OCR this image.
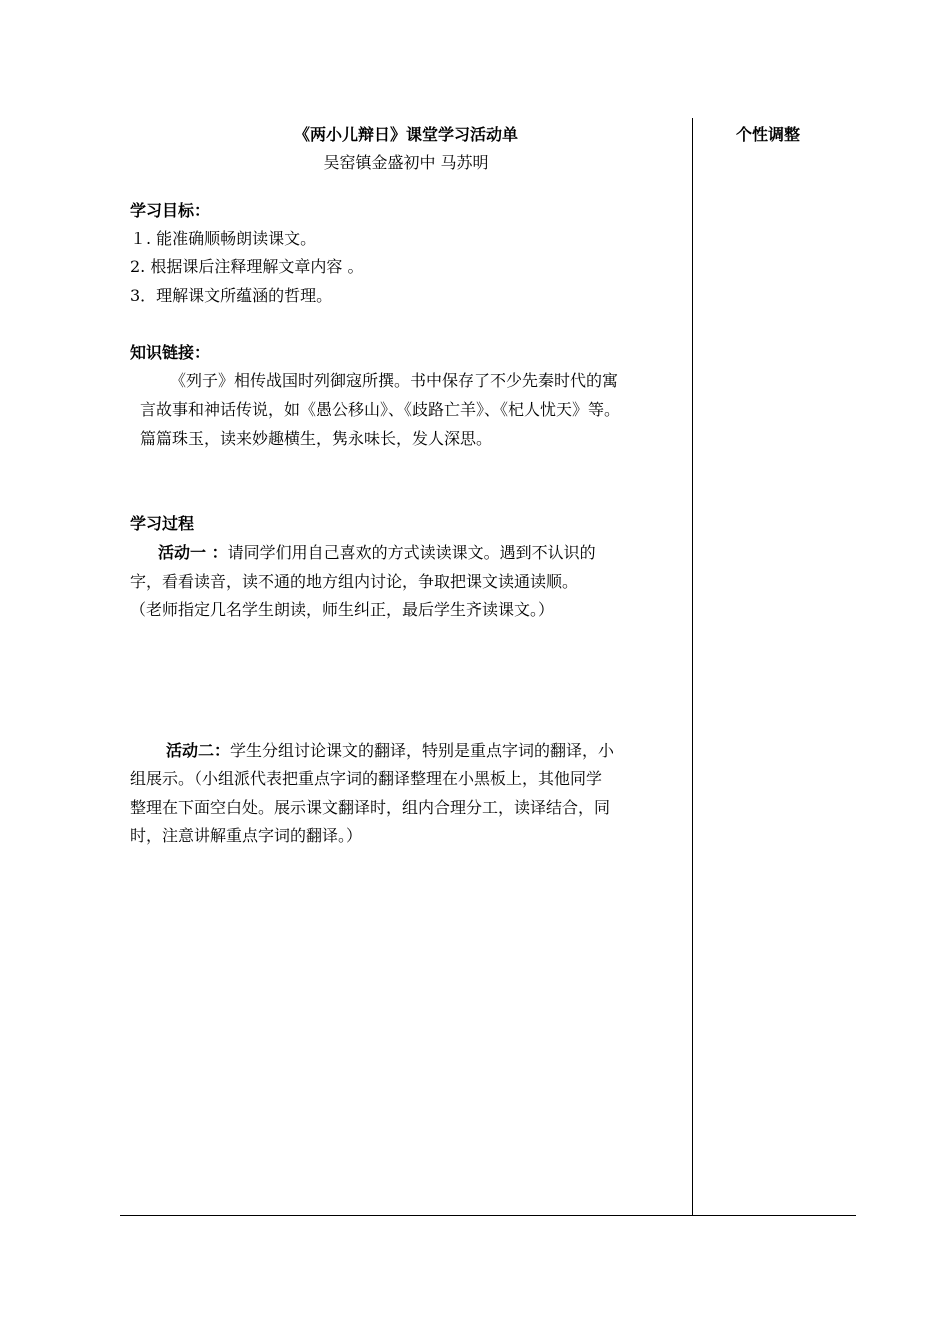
《两小儿辩日》课堂学习活动单
吴窑镇金盛初中 马苏明
个性调整
学习目标：
１. 能准确顺畅朗读课文。
2. 根据课后注释理解文章内容 。
3．理解课文所蕴涵的哲理。
知识链接：
《列子》相传战国时列御寇所撰。书中保存了不少先秦时代的寓
言故事和神话传说，如《愚公移山》、《歧路亡羊》、《杞人忧天》等。
篇篇珠玉，读来妙趣横生，隽永味长，发人深思。
学习过程
活动一 ：请同学们用自己喜欢的方式读读课文。遇到不认识的
字，看看读音，读不通的地方组内讨论，争取把课文读通读顺。
（老师指定几名学生朗读，师生纠正，最后学生齐读课文。）
活动二：学生分组讨论课文的翻译，特别是重点字词的翻译，小
组展示。（小组派代表把重点字词的翻译整理在小黑板上，其他同学
整理在下面空白处。展示课文翻译时，组内合理分工，读译结合，同
时，注意讲解重点字词的翻译。）
